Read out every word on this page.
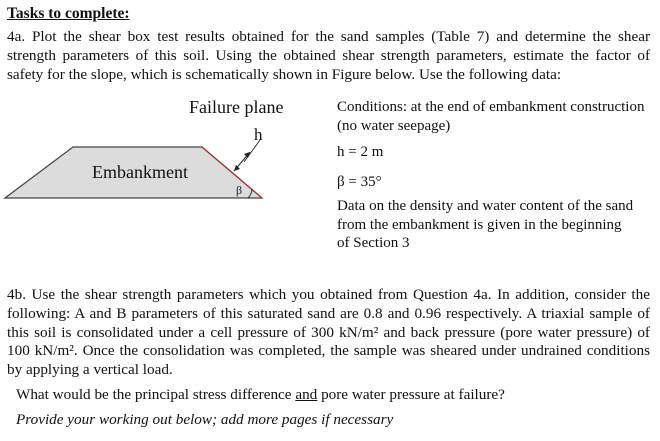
Tasks to complete:

4a. Plot the shear box test results obtained for the sand samples (Table 7) and determine the shear strength parameters of this soil. Using the obtained shear strength parameters, estimate the factor of safety for the slope, which is schematically shown in Figure below. Use the following data:

β
Failure plane
h
Embankment
Conditions: at the end of embankment construction (no water seepage)
h = 2 m
β = 35°
Data on the density and water content of the sand from the embankment is given in the beginning of Section 3

4b. Use the shear strength parameters which you obtained from Question 4a. In addition, consider the following: A and B parameters of this saturated sand are 0.8 and 0.96 respectively. A triaxial sample of this soil is consolidated under a cell pressure of 300 kN/m² and back pressure (pore water pressure) of 100 kN/m². Once the consolidation was completed, the sample was sheared under undrained conditions by applying a vertical load.

What would be the principal stress difference and pore water pressure at failure?
Provide your working out below; add more pages if necessary
